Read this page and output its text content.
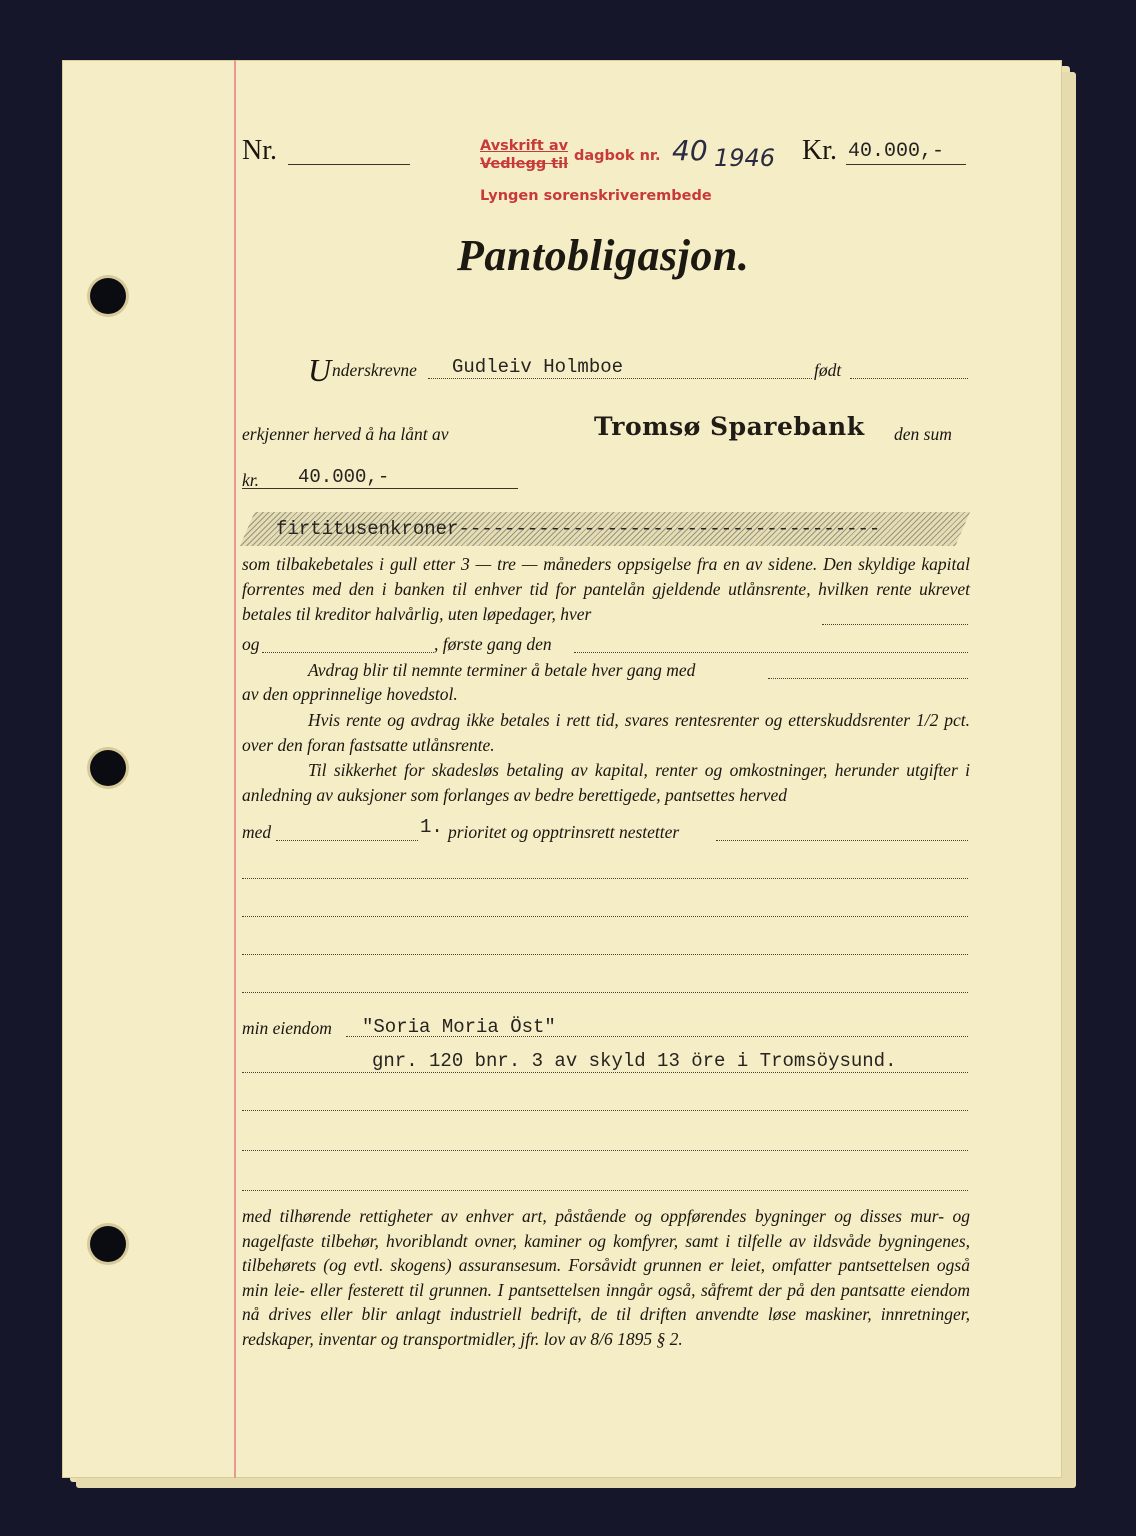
Nr.	Avskrift av
Vedlegg til dagbok nr. 40 1946
Lyngen sorenskriverembede
Kr. 40.000,-
Pantobligasjon.
U nderskrevne Gudleiv Holmboe	født
erkjenner herved å ha lånt av	Tromsø Sparebank den sum
kr. 40.000,-
firtitusenkroner-------------------------------------
som tilbakebetales i gull etter 3 — tre — måneders oppsigelse fra en av sidene. Den skyldige kapital forrentes med den i banken til enhver tid for pantelån gjeldende utlånsrente, hvilken rente ukrevet betales til kreditor halvårlig, uten løpedager, hver
og	, første gang den
Avdrag blir til nemnte terminer å betale hver gang med
av den opprinnelige hovedstol.
Hvis rente og avdrag ikke betales i rett tid, svares rentesrenter og etterskuddsrenter 1/2 pct. over den foran fastsatte utlånsrente.
Til sikkerhet for skadesløs betaling av kapital, renter og omkostninger, herunder utgifter i anledning av auksjoner som forlanges av bedre berettigede, pantsettes herved
med	1. prioritet og opptrinsrett nestetter
min eiendom "Soria Moria Öst"
gnr. 120 bnr. 3 av skyld 13 öre i Tromsöysund.
med tilhørende rettigheter av enhver art, påstående og oppførendes bygninger og disses mur- og nagelfaste tilbehør, hvoriblandt ovner, kaminer og komfyrer, samt i tilfelle av ildsvåde bygningenes, tilbehørets (og evtl. skogens) assuransesum. Forsåvidt grunnen er leiet, omfatter pantsettelsen også min leie- eller festerett til grunnen. I pantsettelsen inngår også, såfremt der på den pantsatte eiendom nå drives eller blir anlagt industriell bedrift, de til driften anvendte løse maskiner, innretninger, redskaper, inventar og transportmidler, jfr. lov av 8/6 1895 § 2.
